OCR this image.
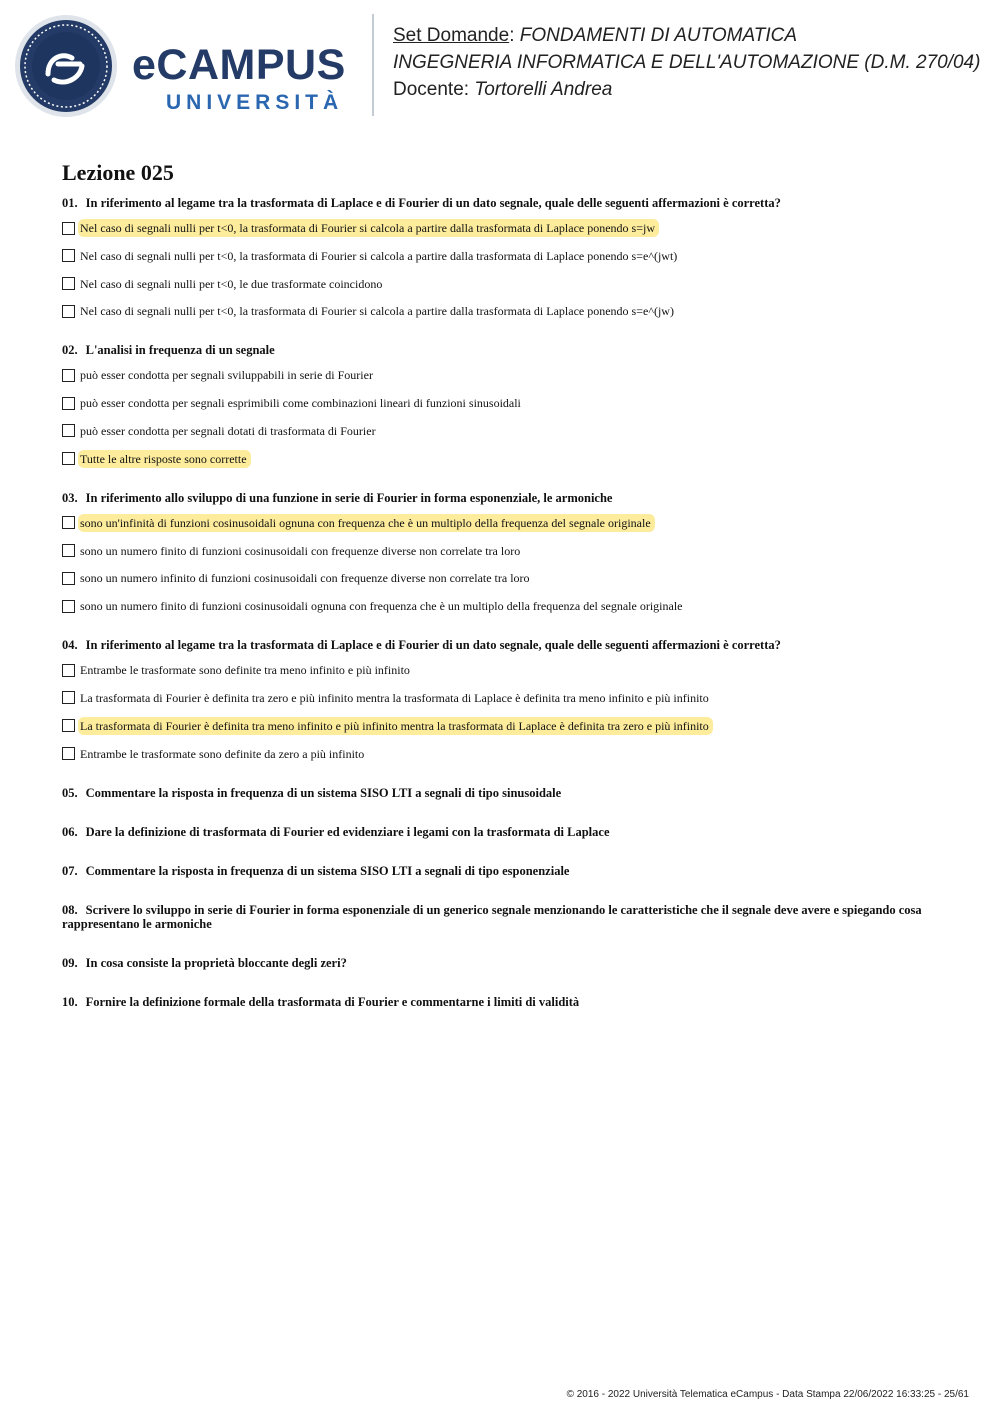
eCAMPUS
UNIVERSITÀ
Set Domande: FONDAMENTI DI AUTOMATICA
INGEGNERIA INFORMATICA E DELL'AUTOMAZIONE (D.M. 270/04)
Docente: Tortorelli Andrea
Lezione 025
01. In riferimento al legame tra la trasformata di Laplace e di Fourier di un dato segnale, quale delle seguenti affermazioni è corretta?
Nel caso di segnali nulli per t<0, la trasformata di Fourier si calcola a partire dalla trasformata di Laplace ponendo s=jw
Nel caso di segnali nulli per t<0, la trasformata di Fourier si calcola a partire dalla trasformata di Laplace ponendo s=e^(jwt)
Nel caso di segnali nulli per t<0, le due trasformate coincidono
Nel caso di segnali nulli per t<0, la trasformata di Fourier si calcola a partire dalla trasformata di Laplace ponendo s=e^(jw)
02. L'analisi in frequenza di un segnale
può esser condotta per segnali sviluppabili in serie di Fourier
può esser condotta per segnali esprimibili come combinazioni lineari di funzioni sinusoidali
può esser condotta per segnali dotati di trasformata di Fourier
Tutte le altre risposte sono corrette
03. In riferimento allo sviluppo di una funzione in serie di Fourier in forma esponenziale, le armoniche
sono un'infinità di funzioni cosinusoidali ognuna con frequenza che è un multiplo della frequenza del segnale originale
sono un numero finito di funzioni cosinusoidali con frequenze diverse non correlate tra loro
sono un numero infinito di funzioni cosinusoidali con frequenze diverse non correlate tra loro
sono un numero finito di funzioni cosinusoidali ognuna con frequenza che è un multiplo della frequenza del segnale originale
04. In riferimento al legame tra la trasformata di Laplace e di Fourier di un dato segnale, quale delle seguenti affermazioni è corretta?
Entrambe le trasformate sono definite tra meno infinito e più infinito
La trasformata di Fourier è definita tra zero e più infinito mentra la trasformata di Laplace è definita tra meno infinito e più infinito
La trasformata di Fourier è definita tra meno infinito e più infinito mentra la trasformata di Laplace è definita tra zero e più infinito
Entrambe le trasformate sono definite da zero a più infinito
05. Commentare la risposta in frequenza di un sistema SISO LTI a segnali di tipo sinusoidale
06. Dare la definizione di trasformata di Fourier ed evidenziare i legami con la trasformata di Laplace
07. Commentare la risposta in frequenza di un sistema SISO LTI a segnali di tipo esponenziale
08. Scrivere lo sviluppo in serie di Fourier in forma esponenziale di un generico segnale menzionando le caratteristiche che il segnale deve avere e spiegando cosa rappresentano le armoniche
09. In cosa consiste la proprietà bloccante degli zeri?
10. Fornire la definizione formale della trasformata di Fourier e commentarne i limiti di validità
© 2016 - 2022 Università Telematica eCampus - Data Stampa 22/06/2022 16:33:25 - 25/61
